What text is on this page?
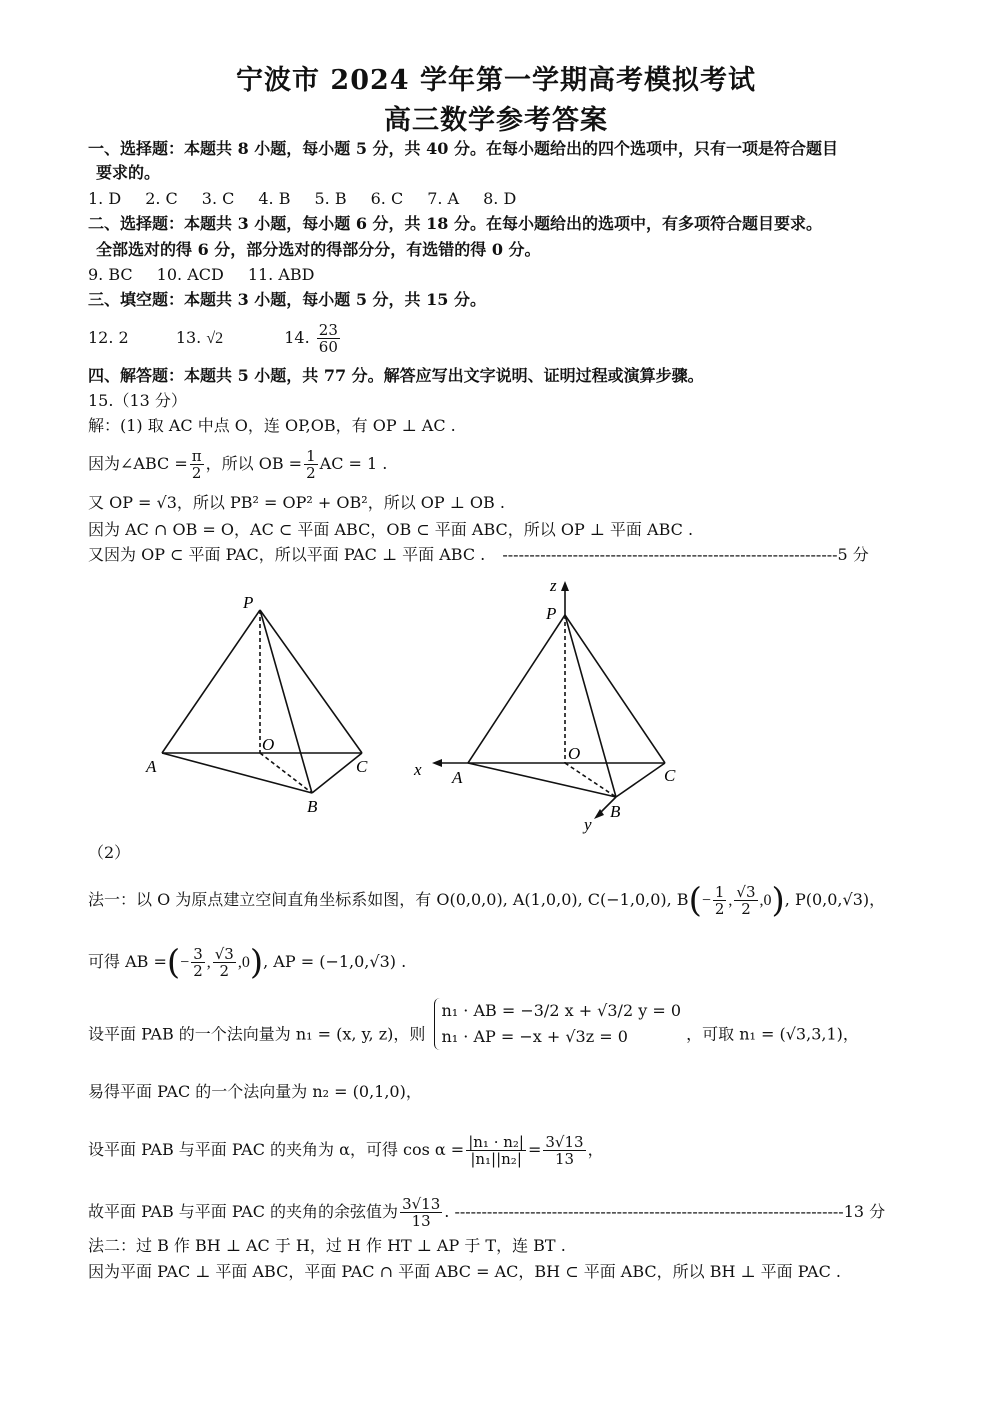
宁波市 2024 学年第一学期高考模拟考试
高三数学参考答案
一、选择题：本题共 8 小题，每小题 5 分，共 40 分。在每小题给出的四个选项中，只有一项是符合题目
要求的。
1. D 2. C 3. C 4. B 5. B 6. C 7. A 8. D
二、选择题：本题共 3 小题，每小题 6 分，共 18 分。在每小题给出的选项中，有多项符合题目要求。
全部选对的得 6 分，部分选对的得部分分，有选错的得 0 分。
9. BC 10. ACD 11. ABD
三、填空题：本题共 3 小题，每小题 5 分，共 15 分。
12. 2	13. √2	14. $\frac{23}{60}$
四、解答题：本题共 5 小题，共 77 分。解答应写出文字说明、证明过程或演算步骤。
15.（13 分）
解：(1) 取 AC 中点 O，连 OP,OB，有 OP ⊥ AC .
因为∠ABC = $\frac{\pi}{2}$ ，所以 OB = $\frac{1}{2}$ AC = 1 .
又 OP = √3，所以 PB² = OP² + OB²，所以 OP ⊥ OB .
因为 AC ∩ OB = O，AC ⊂ 平面 ABC，OB ⊂ 平面 ABC，所以 OP ⊥ 平面 ABC .
又因为 OP ⊂ 平面 PAC，所以平面 PAC ⊥ 平面 ABC . --------------------------------------------------------------5 分
P
O
A
B
C
z
P
O
x A
B
C
y
（2）
法一：以 O 为原点建立空间直角坐标系如图，有 O(0,0,0), A(1,0,0), C(−1,0,0), $B(- \frac{1}{2}$ , $\frac{√3}{2} ,0$), P(0,0,√3)，
可得 AB =(− $\frac{3}{2}$ , $\frac{√3}{2} ,0$), AP = (−1,0,√3) .
设平面 PAB 的一个法向量为 n₁ = (x, y, z)，则
n₁ · AB = −3/2 x + √3/2 y = 0
n₁ · AP = −x + √3z = 0	，可取 n₁ = (√3,3,1)，
易得平面 PAC 的一个法向量为 n₂ = (0,1,0)，
设平面 PAB 与平面 PAC 的夹角为 α，可得 $\cos \alpha = \frac{\text{|n₁ · n₂|}}{\text{|n₁||n₂|}} = \frac{3√13}{13}$ ，
故平面 PAB 与平面 PAC 的夹角的余弦值为 $\frac{3√13}{13}$ . ------------------------------------------------------------------------13 分
法二：过 B 作 BH ⊥ AC 于 H，过 H 作 HT ⊥ AP 于 T，连 BT .
因为平面 PAC ⊥ 平面 ABC，平面 PAC ∩ 平面 ABC = AC，BH ⊂ 平面 ABC，所以 BH ⊥ 平面 PAC .
